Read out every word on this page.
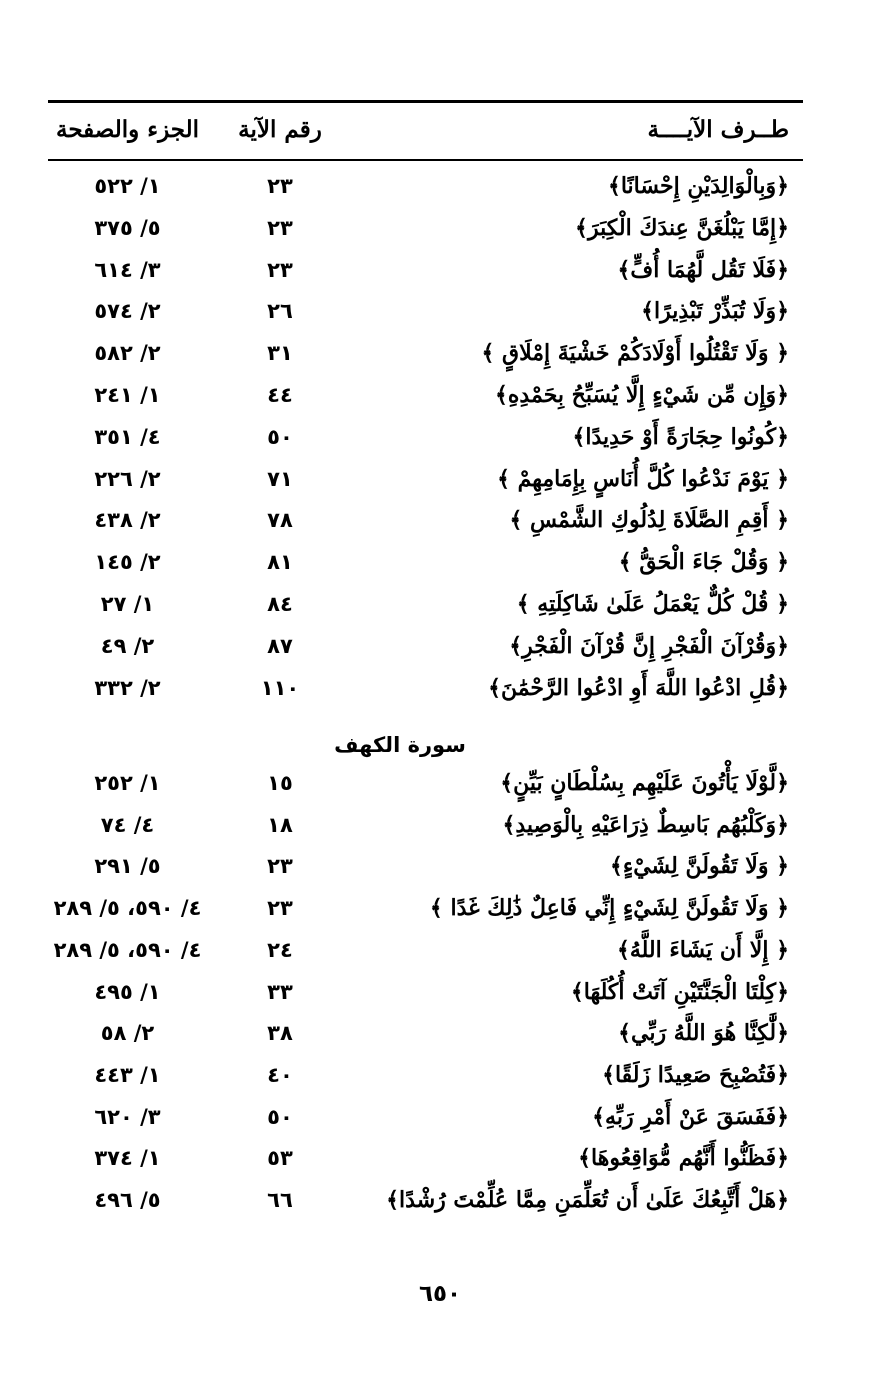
طــرف الآيــــة
رقم الآية
الجزء والصفحة
﴿وَبِالْوَالِدَيْنِ إِحْسَانًا﴾
٢٣
١/ ٥٢٢
﴿إِمَّا يَبْلُغَنَّ عِندَكَ الْكِبَرَ﴾
٢٣
٥/ ٣٧٥
﴿فَلَا تَقُل لَّهُمَا أُفٍّ﴾
٢٣
٣/ ٦١٤
﴿وَلَا تُبَذِّرْ تَبْذِيرًا﴾
٢٦
٢/ ٥٧٤
﴿ وَلَا تَقْتُلُوا أَوْلَادَكُمْ خَشْيَةَ إِمْلَاقٍ ﴾
٣١
٢/ ٥٨٢
﴿وَإِن مِّن شَيْءٍ إِلَّا يُسَبِّحُ بِحَمْدِهِ﴾
٤٤
١/ ٢٤١
﴿كُونُوا حِجَارَةً أَوْ حَدِيدًا﴾
٥٠
٤/ ٣٥١
﴿ يَوْمَ نَدْعُوا كُلَّ أُنَاسٍ بِإِمَامِهِمْ ﴾
٧١
٢/ ٢٢٦
﴿ أَقِمِ الصَّلَاةَ لِدُلُوكِ الشَّمْسِ ﴾
٧٨
٢/ ٤٣٨
﴿ وَقُلْ جَاءَ الْحَقُّ ﴾
٨١
٢/ ١٤٥
﴿ قُلْ كُلٌّ يَعْمَلُ عَلَىٰ شَاكِلَتِهِ ﴾
٨٤
١/ ٢٧
﴿وَقُرْآنَ الْفَجْرِ إِنَّ قُرْآنَ الْفَجْرِ﴾
٨٧
٢/ ٤٩
﴿قُلِ ادْعُوا اللَّهَ أَوِ ادْعُوا الرَّحْمَٰنَ﴾
١١٠
٢/ ٣٣٢
سورة الكهف
﴿لَّوْلَا يَأْتُونَ عَلَيْهِم بِسُلْطَانٍ بَيِّنٍ﴾
١٥
١/ ٢٥٢
﴿وَكَلْبُهُم بَاسِطٌ ذِرَاعَيْهِ بِالْوَصِيدِ﴾
١٨
٤/ ٧٤
﴿ وَلَا تَقُولَنَّ لِشَيْءٍ﴾
٢٣
٥/ ٢٩١
﴿ وَلَا تَقُولَنَّ لِشَيْءٍ إِنِّي فَاعِلٌ ذَٰلِكَ غَدًا ﴾
٢٣
٤/ ٥٩٠، ٥/ ٢٨٩
﴿ إِلَّا أَن يَشَاءَ اللَّهُ﴾
٢٤
٤/ ٥٩٠، ٥/ ٢٨٩
﴿كِلْتَا الْجَنَّتَيْنِ آتَتْ أُكُلَهَا﴾
٣٣
١/ ٤٩٥
﴿لَّٰكِنَّا هُوَ اللَّهُ رَبِّي﴾
٣٨
٢/ ٥٨
﴿فَتُصْبِحَ صَعِيدًا زَلَقًا﴾
٤٠
١/ ٤٤٣
﴿فَفَسَقَ عَنْ أَمْرِ رَبِّهِ﴾
٥٠
٣/ ٦٢٠
﴿فَظَنُّوا أَنَّهُم مُّوَاقِعُوهَا﴾
٥٣
١/ ٣٧٤
﴿هَلْ أَتَّبِعُكَ عَلَىٰ أَن تُعَلِّمَنِ مِمَّا عُلِّمْتَ رُشْدًا﴾
٦٦
٥/ ٤٩٦
٦٥٠
